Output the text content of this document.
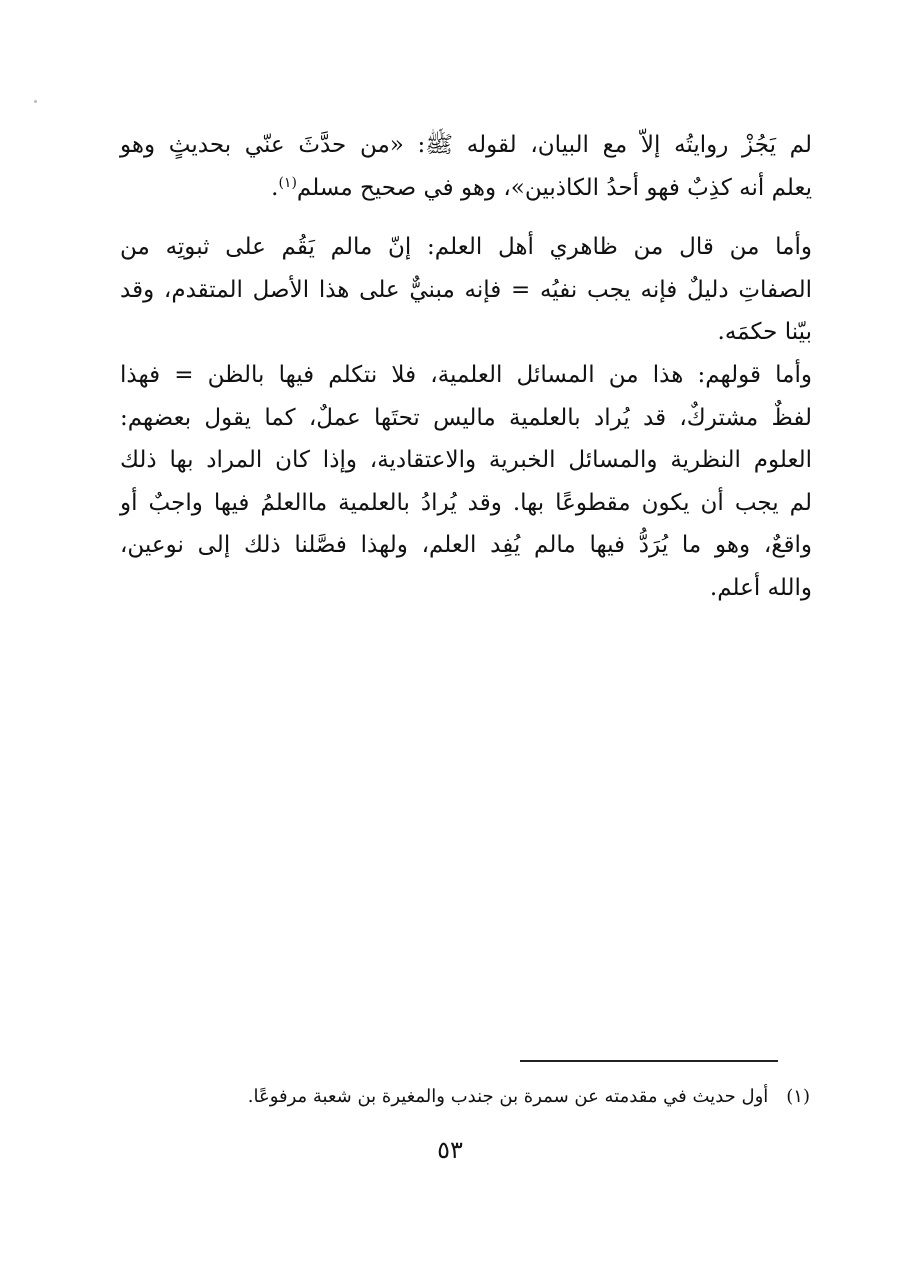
لم يَجُزْ روايتُه إلاّ مع البيان، لقوله ﷺ: «من حدَّثَ عنّي بحديثٍ وهو
يعلم أنه كذِبٌ فهو أحدُ الكاذبين»، وهو في صحيح مسلم$^{(١)}$.
وأما من قال من ظاهري أهل العلم: إنّ مالم يَقُم على ثبوتِه من
الصفاتِ دليلٌ فإنه يجب نفيُه = فإنه مبنيٌّ على هذا الأصل المتقدم، وقد
بيّنا حكمَه.
وأما قولهم: هذا من المسائل العلمية، فلا نتكلم فيها بالظن = فهذا
لفظٌ مشتركٌ، قد يُراد بالعلمية ماليس تحتَها عملٌ، كما يقول بعضهم:
العلوم النظرية والمسائل الخبرية والاعتقادية، وإذا كان المراد بها ذلك
لم يجب أن يكون مقطوعًا بها. وقد يُرادُ بالعلمية ماالعلمُ فيها واجبٌ أو
واقعٌ، وهو ما يُرَدُّ فيها مالم يُفِد العلم، ولهذا فصَّلنا ذلك إلى نوعين،
والله أعلم.
(١)أول حديث في مقدمته عن سمرة بن جندب والمغيرة بن شعبة مرفوعًا.
٥٣
